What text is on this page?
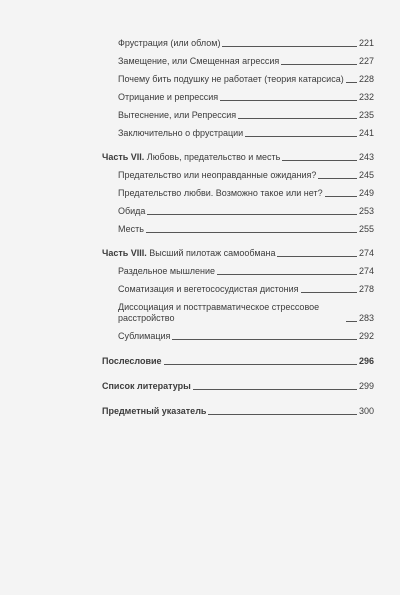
Фрустрация (или облом)	221
Замещение, или Смещенная агрессия	227
Почему бить подушку не работает (теория катарсиса) 228
Отрицание и репрессия	232
Вытеснение, или Репрессия	235
Заключительно о фрустрации	241
Часть VII. Любовь, предательство и месть	243
Предательство или неоправданные ожидания?	245
Предательство любви. Возможно такое или нет?	249
Обида	253
Месть	255
Часть VIII. Высший пилотаж самообмана	274
Раздельное мышление	274
Соматизация и вегетососудистая дистония	278
Диссоциация и посттравматическое стрессовое расстройство	283
Сублимация	292
Послесловие	296
Список литературы	299
Предметный указатель	300
